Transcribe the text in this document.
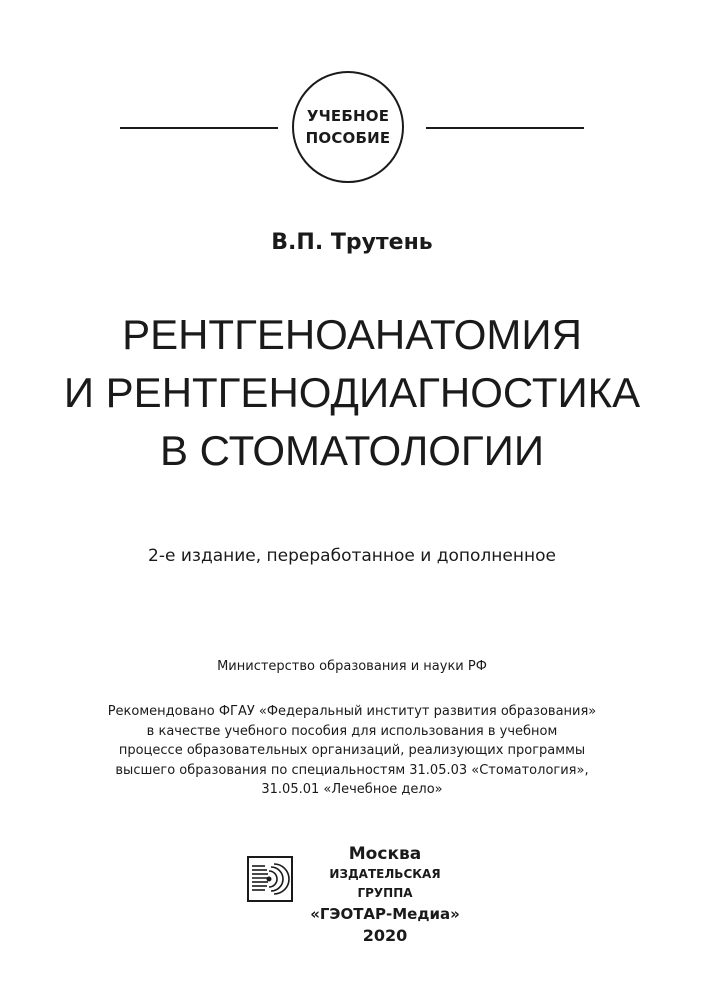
УЧЕБНОЕ
ПОСОБИЕ
В.П. Трутень
РЕНТГЕНОАНАТОМИЯ
И РЕНТГЕНОДИАГНОСТИКА
В СТОМАТОЛОГИИ
2-е издание, переработанное и дополненное
Министерство образования и науки РФ
Рекомендовано ФГАУ «Федеральный институт развития образования»
в качестве учебного пособия для использования в учебном
процессе образовательных организаций, реализующих программы
высшего образования по специальностям 31.05.03 «Стоматология»,
31.05.01 «Лечебное дело»
Москва
ИЗДАТЕЛЬСКАЯ ГРУППА
«ГЭОТАР-Медиа»
2020
